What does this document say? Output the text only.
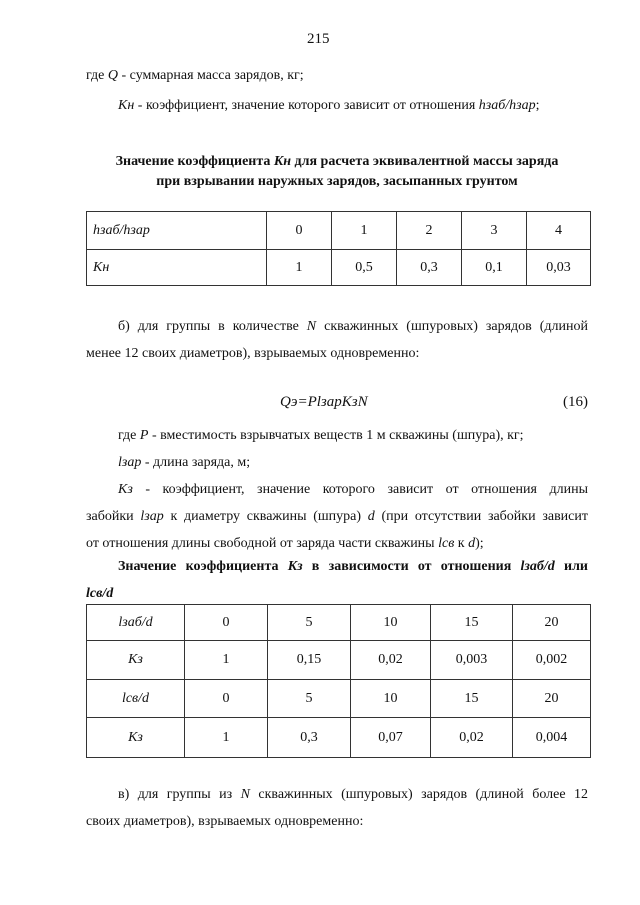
215
где Q - суммарная масса зарядов, кг;
Kн - коэффициент, значение которого зависит от отношения hзаб/hзар;
Значение коэффициента Kн для расчета эквивалентной массы заряда
при взрывании наружных зарядов, засыпанных грунтом
hзаб/hзар	0	1	2	3	4
Kн	1	0,5	0,3	0,1	0,03
б) для группы в количестве N скважинных (шпуровых) зарядов (длиной
менее 12 своих диаметров), взрываемых одновременно:
Qэ=PlзарKзN	(16)
где P - вместимость взрывчатых веществ 1 м скважины (шпура), кг;
lзар - длина заряда, м;
Kз - коэффициент, значение которого зависит от отношения длины
забойки lзар к диаметру скважины (шпура) d (при отсутствии забойки зависит
от отношения длины свободной от заряда части скважины lсв к d);
Значение коэффициента Kз в зависимости от отношения lзаб/d или
lсв/d
lзаб/d	0	5	10	15	20
Kз	1	0,15	0,02	0,003	0,002
lсв/d	0	5	10	15	20
Kз	1	0,3	0,07	0,02	0,004
в) для группы из N скважинных (шпуровых) зарядов (длиной более 12
своих диаметров), взрываемых одновременно:
